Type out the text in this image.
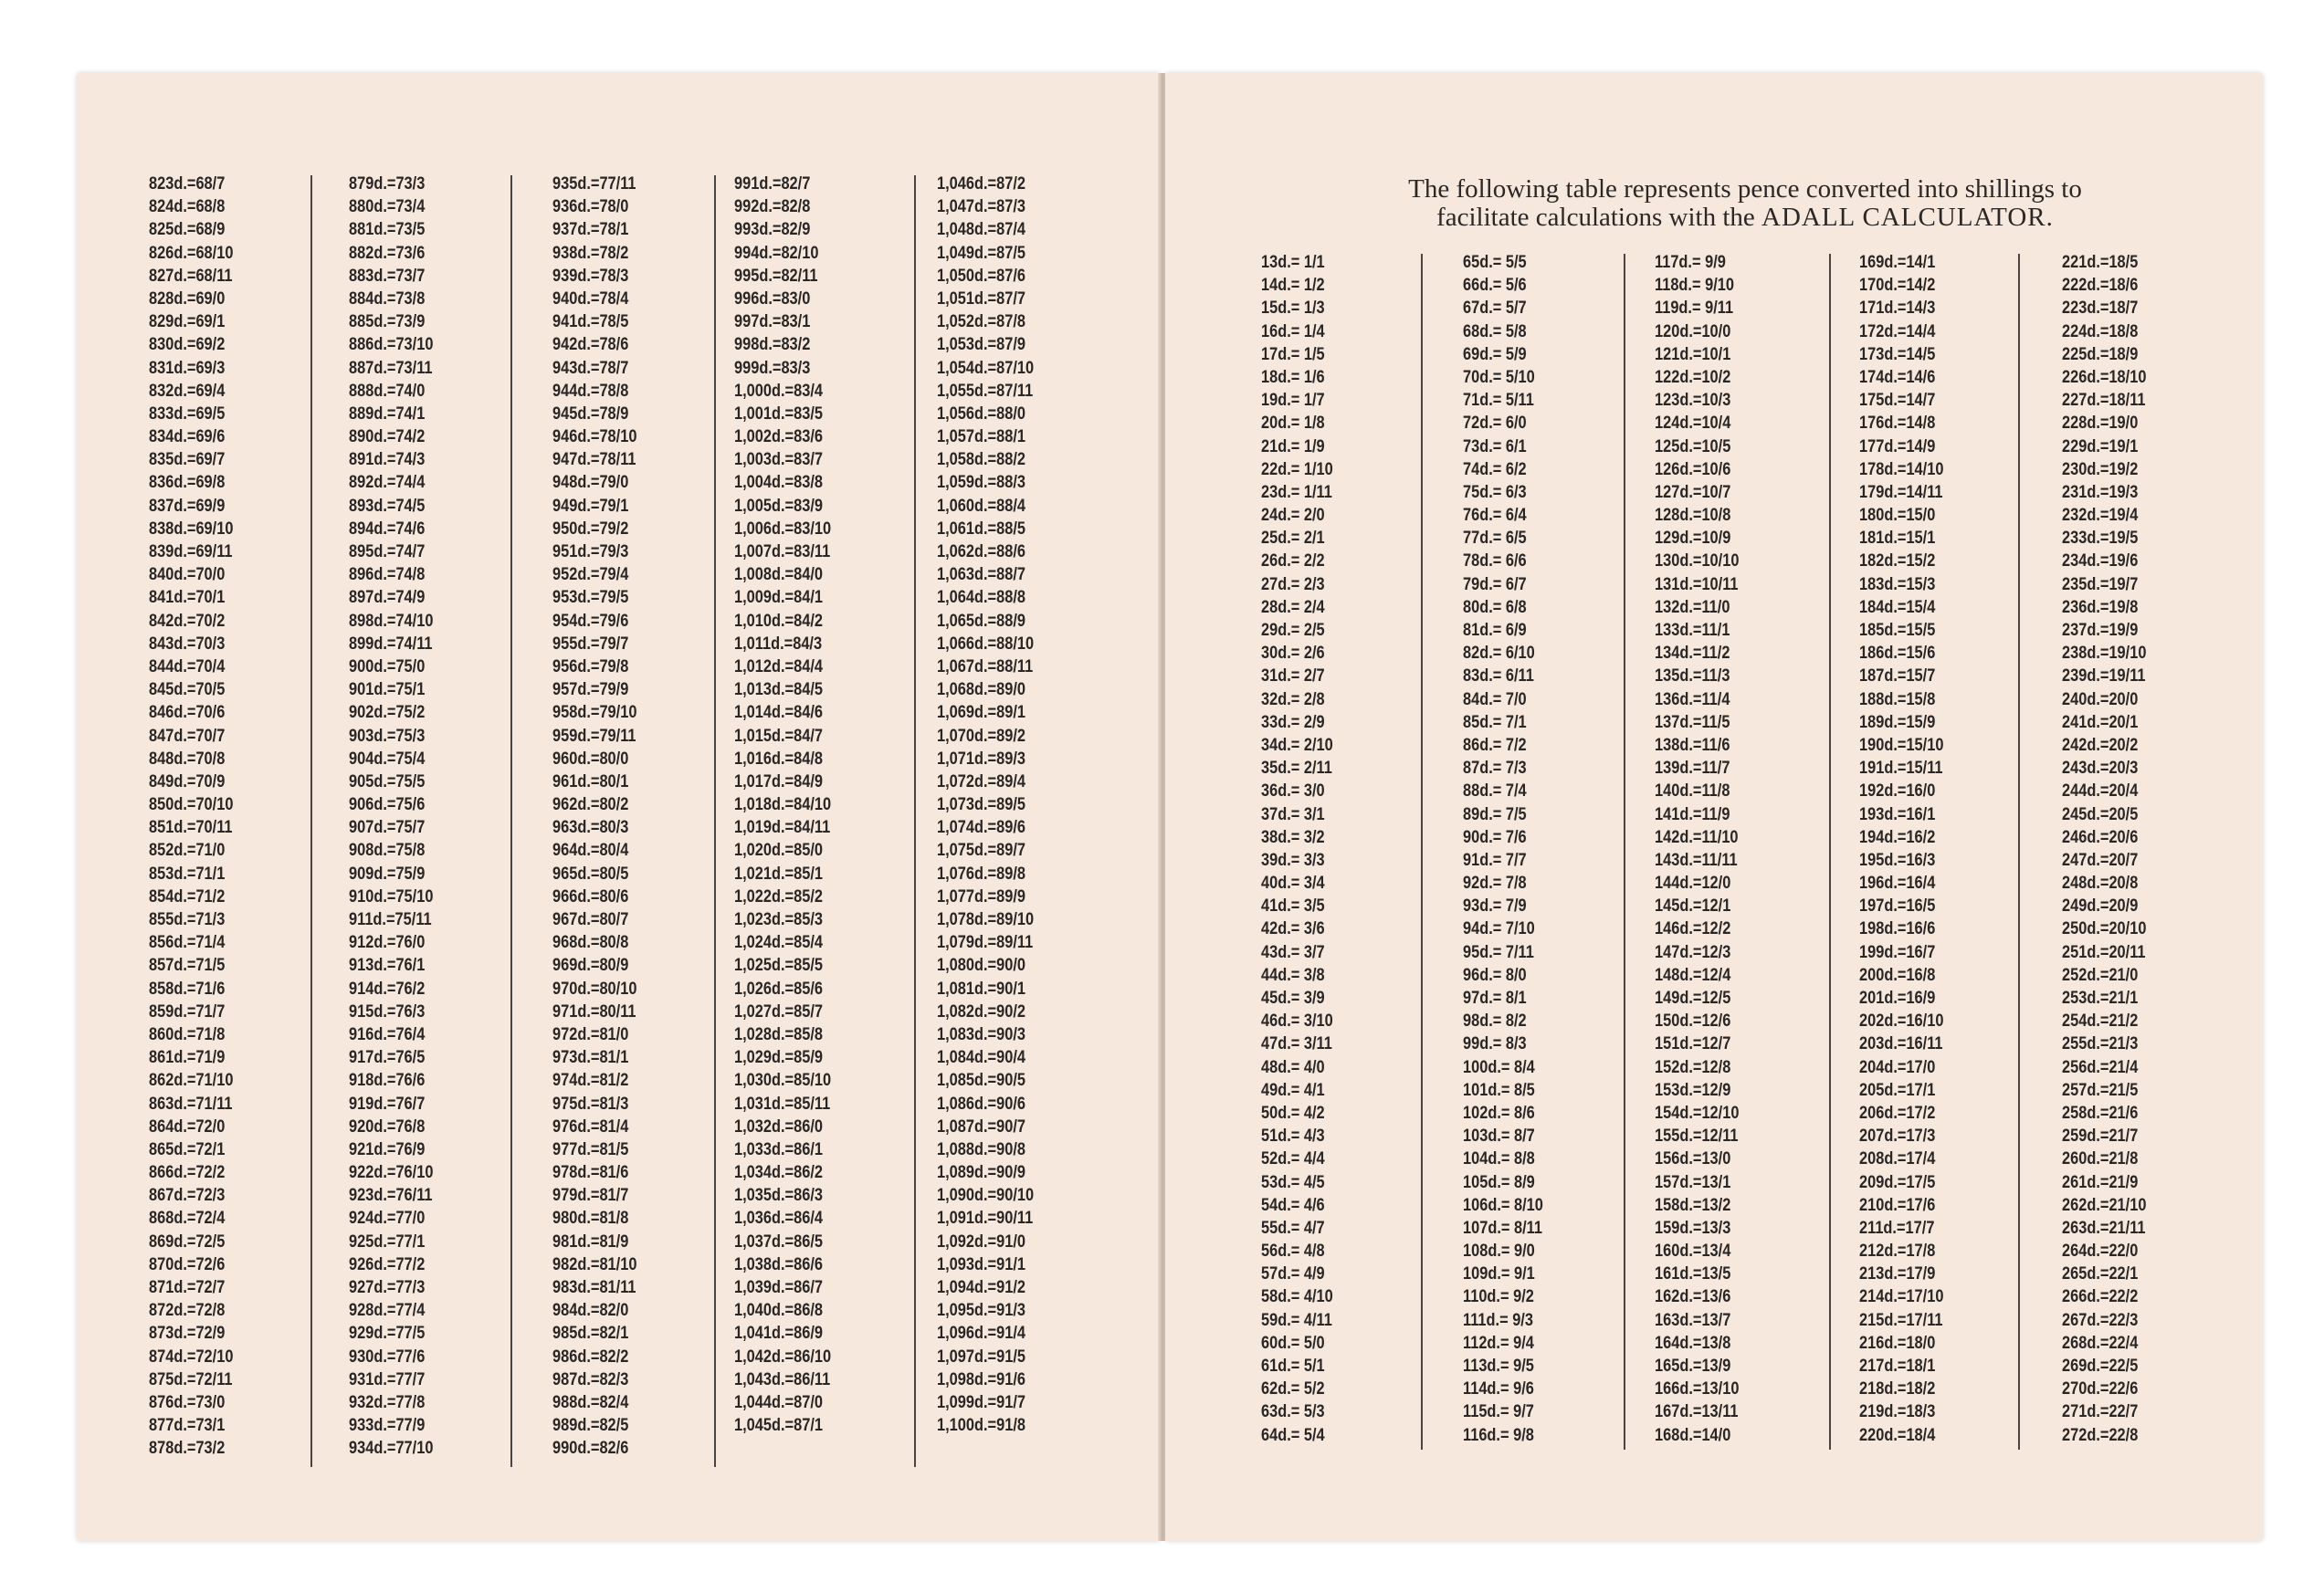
823d.=68/7
824d.=68/8
825d.=68/9
826d.=68/10
827d.=68/11
828d.=69/0
829d.=69/1
830d.=69/2
831d.=69/3
832d.=69/4
833d.=69/5
834d.=69/6
835d.=69/7
836d.=69/8
837d.=69/9
838d.=69/10
839d.=69/11
840d.=70/0
841d.=70/1
842d.=70/2
843d.=70/3
844d.=70/4
845d.=70/5
846d.=70/6
847d.=70/7
848d.=70/8
849d.=70/9
850d.=70/10
851d.=70/11
852d.=71/0
853d.=71/1
854d.=71/2
855d.=71/3
856d.=71/4
857d.=71/5
858d.=71/6
859d.=71/7
860d.=71/8
861d.=71/9
862d.=71/10
863d.=71/11
864d.=72/0
865d.=72/1
866d.=72/2
867d.=72/3
868d.=72/4
869d.=72/5
870d.=72/6
871d.=72/7
872d.=72/8
873d.=72/9
874d.=72/10
875d.=72/11
876d.=73/0
877d.=73/1
878d.=73/2
879d.=73/3
880d.=73/4
881d.=73/5
882d.=73/6
883d.=73/7
884d.=73/8
885d.=73/9
886d.=73/10
887d.=73/11
888d.=74/0
889d.=74/1
890d.=74/2
891d.=74/3
892d.=74/4
893d.=74/5
894d.=74/6
895d.=74/7
896d.=74/8
897d.=74/9
898d.=74/10
899d.=74/11
900d.=75/0
901d.=75/1
902d.=75/2
903d.=75/3
904d.=75/4
905d.=75/5
906d.=75/6
907d.=75/7
908d.=75/8
909d.=75/9
910d.=75/10
911d.=75/11
912d.=76/0
913d.=76/1
914d.=76/2
915d.=76/3
916d.=76/4
917d.=76/5
918d.=76/6
919d.=76/7
920d.=76/8
921d.=76/9
922d.=76/10
923d.=76/11
924d.=77/0
925d.=77/1
926d.=77/2
927d.=77/3
928d.=77/4
929d.=77/5
930d.=77/6
931d.=77/7
932d.=77/8
933d.=77/9
934d.=77/10
935d.=77/11
936d.=78/0
937d.=78/1
938d.=78/2
939d.=78/3
940d.=78/4
941d.=78/5
942d.=78/6
943d.=78/7
944d.=78/8
945d.=78/9
946d.=78/10
947d.=78/11
948d.=79/0
949d.=79/1
950d.=79/2
951d.=79/3
952d.=79/4
953d.=79/5
954d.=79/6
955d.=79/7
956d.=79/8
957d.=79/9
958d.=79/10
959d.=79/11
960d.=80/0
961d.=80/1
962d.=80/2
963d.=80/3
964d.=80/4
965d.=80/5
966d.=80/6
967d.=80/7
968d.=80/8
969d.=80/9
970d.=80/10
971d.=80/11
972d.=81/0
973d.=81/1
974d.=81/2
975d.=81/3
976d.=81/4
977d.=81/5
978d.=81/6
979d.=81/7
980d.=81/8
981d.=81/9
982d.=81/10
983d.=81/11
984d.=82/0
985d.=82/1
986d.=82/2
987d.=82/3
988d.=82/4
989d.=82/5
990d.=82/6
991d.=82/7
992d.=82/8
993d.=82/9
994d.=82/10
995d.=82/11
996d.=83/0
997d.=83/1
998d.=83/2
999d.=83/3
1,000d.=83/4
1,001d.=83/5
1,002d.=83/6
1,003d.=83/7
1,004d.=83/8
1,005d.=83/9
1,006d.=83/10
1,007d.=83/11
1,008d.=84/0
1,009d.=84/1
1,010d.=84/2
1,011d.=84/3
1,012d.=84/4
1,013d.=84/5
1,014d.=84/6
1,015d.=84/7
1,016d.=84/8
1,017d.=84/9
1,018d.=84/10
1,019d.=84/11
1,020d.=85/0
1,021d.=85/1
1,022d.=85/2
1,023d.=85/3
1,024d.=85/4
1,025d.=85/5
1,026d.=85/6
1,027d.=85/7
1,028d.=85/8
1,029d.=85/9
1,030d.=85/10
1,031d.=85/11
1,032d.=86/0
1,033d.=86/1
1,034d.=86/2
1,035d.=86/3
1,036d.=86/4
1,037d.=86/5
1,038d.=86/6
1,039d.=86/7
1,040d.=86/8
1,041d.=86/9
1,042d.=86/10
1,043d.=86/11
1,044d.=87/0
1,045d.=87/1
1,046d.=87/2
1,047d.=87/3
1,048d.=87/4
1,049d.=87/5
1,050d.=87/6
1,051d.=87/7
1,052d.=87/8
1,053d.=87/9
1,054d.=87/10
1,055d.=87/11
1,056d.=88/0
1,057d.=88/1
1,058d.=88/2
1,059d.=88/3
1,060d.=88/4
1,061d.=88/5
1,062d.=88/6
1,063d.=88/7
1,064d.=88/8
1,065d.=88/9
1,066d.=88/10
1,067d.=88/11
1,068d.=89/0
1,069d.=89/1
1,070d.=89/2
1,071d.=89/3
1,072d.=89/4
1,073d.=89/5
1,074d.=89/6
1,075d.=89/7
1,076d.=89/8
1,077d.=89/9
1,078d.=89/10
1,079d.=89/11
1,080d.=90/0
1,081d.=90/1
1,082d.=90/2
1,083d.=90/3
1,084d.=90/4
1,085d.=90/5
1,086d.=90/6
1,087d.=90/7
1,088d.=90/8
1,089d.=90/9
1,090d.=90/10
1,091d.=90/11
1,092d.=91/0
1,093d.=91/1
1,094d.=91/2
1,095d.=91/3
1,096d.=91/4
1,097d.=91/5
1,098d.=91/6
1,099d.=91/7
1,100d.=91/8
The following table represents pence converted into shillings to
facilitate calculations with the ADALL CALCULATOR.
13d.= 1/1
14d.= 1/2
15d.= 1/3
16d.= 1/4
17d.= 1/5
18d.= 1/6
19d.= 1/7
20d.= 1/8
21d.= 1/9
22d.= 1/10
23d.= 1/11
24d.= 2/0
25d.= 2/1
26d.= 2/2
27d.= 2/3
28d.= 2/4
29d.= 2/5
30d.= 2/6
31d.= 2/7
32d.= 2/8
33d.= 2/9
34d.= 2/10
35d.= 2/11
36d.= 3/0
37d.= 3/1
38d.= 3/2
39d.= 3/3
40d.= 3/4
41d.= 3/5
42d.= 3/6
43d.= 3/7
44d.= 3/8
45d.= 3/9
46d.= 3/10
47d.= 3/11
48d.= 4/0
49d.= 4/1
50d.= 4/2
51d.= 4/3
52d.= 4/4
53d.= 4/5
54d.= 4/6
55d.= 4/7
56d.= 4/8
57d.= 4/9
58d.= 4/10
59d.= 4/11
60d.= 5/0
61d.= 5/1
62d.= 5/2
63d.= 5/3
64d.= 5/4
65d.= 5/5
66d.= 5/6
67d.= 5/7
68d.= 5/8
69d.= 5/9
70d.= 5/10
71d.= 5/11
72d.= 6/0
73d.= 6/1
74d.= 6/2
75d.= 6/3
76d.= 6/4
77d.= 6/5
78d.= 6/6
79d.= 6/7
80d.= 6/8
81d.= 6/9
82d.= 6/10
83d.= 6/11
84d.= 7/0
85d.= 7/1
86d.= 7/2
87d.= 7/3
88d.= 7/4
89d.= 7/5
90d.= 7/6
91d.= 7/7
92d.= 7/8
93d.= 7/9
94d.= 7/10
95d.= 7/11
96d.= 8/0
97d.= 8/1
98d.= 8/2
99d.= 8/3
100d.= 8/4
101d.= 8/5
102d.= 8/6
103d.= 8/7
104d.= 8/8
105d.= 8/9
106d.= 8/10
107d.= 8/11
108d.= 9/0
109d.= 9/1
110d.= 9/2
111d.= 9/3
112d.= 9/4
113d.= 9/5
114d.= 9/6
115d.= 9/7
116d.= 9/8
117d.= 9/9
118d.= 9/10
119d.= 9/11
120d.=10/0
121d.=10/1
122d.=10/2
123d.=10/3
124d.=10/4
125d.=10/5
126d.=10/6
127d.=10/7
128d.=10/8
129d.=10/9
130d.=10/10
131d.=10/11
132d.=11/0
133d.=11/1
134d.=11/2
135d.=11/3
136d.=11/4
137d.=11/5
138d.=11/6
139d.=11/7
140d.=11/8
141d.=11/9
142d.=11/10
143d.=11/11
144d.=12/0
145d.=12/1
146d.=12/2
147d.=12/3
148d.=12/4
149d.=12/5
150d.=12/6
151d.=12/7
152d.=12/8
153d.=12/9
154d.=12/10
155d.=12/11
156d.=13/0
157d.=13/1
158d.=13/2
159d.=13/3
160d.=13/4
161d.=13/5
162d.=13/6
163d.=13/7
164d.=13/8
165d.=13/9
166d.=13/10
167d.=13/11
168d.=14/0
169d.=14/1
170d.=14/2
171d.=14/3
172d.=14/4
173d.=14/5
174d.=14/6
175d.=14/7
176d.=14/8
177d.=14/9
178d.=14/10
179d.=14/11
180d.=15/0
181d.=15/1
182d.=15/2
183d.=15/3
184d.=15/4
185d.=15/5
186d.=15/6
187d.=15/7
188d.=15/8
189d.=15/9
190d.=15/10
191d.=15/11
192d.=16/0
193d.=16/1
194d.=16/2
195d.=16/3
196d.=16/4
197d.=16/5
198d.=16/6
199d.=16/7
200d.=16/8
201d.=16/9
202d.=16/10
203d.=16/11
204d.=17/0
205d.=17/1
206d.=17/2
207d.=17/3
208d.=17/4
209d.=17/5
210d.=17/6
211d.=17/7
212d.=17/8
213d.=17/9
214d.=17/10
215d.=17/11
216d.=18/0
217d.=18/1
218d.=18/2
219d.=18/3
220d.=18/4
221d.=18/5
222d.=18/6
223d.=18/7
224d.=18/8
225d.=18/9
226d.=18/10
227d.=18/11
228d.=19/0
229d.=19/1
230d.=19/2
231d.=19/3
232d.=19/4
233d.=19/5
234d.=19/6
235d.=19/7
236d.=19/8
237d.=19/9
238d.=19/10
239d.=19/11
240d.=20/0
241d.=20/1
242d.=20/2
243d.=20/3
244d.=20/4
245d.=20/5
246d.=20/6
247d.=20/7
248d.=20/8
249d.=20/9
250d.=20/10
251d.=20/11
252d.=21/0
253d.=21/1
254d.=21/2
255d.=21/3
256d.=21/4
257d.=21/5
258d.=21/6
259d.=21/7
260d.=21/8
261d.=21/9
262d.=21/10
263d.=21/11
264d.=22/0
265d.=22/1
266d.=22/2
267d.=22/3
268d.=22/4
269d.=22/5
270d.=22/6
271d.=22/7
272d.=22/8
